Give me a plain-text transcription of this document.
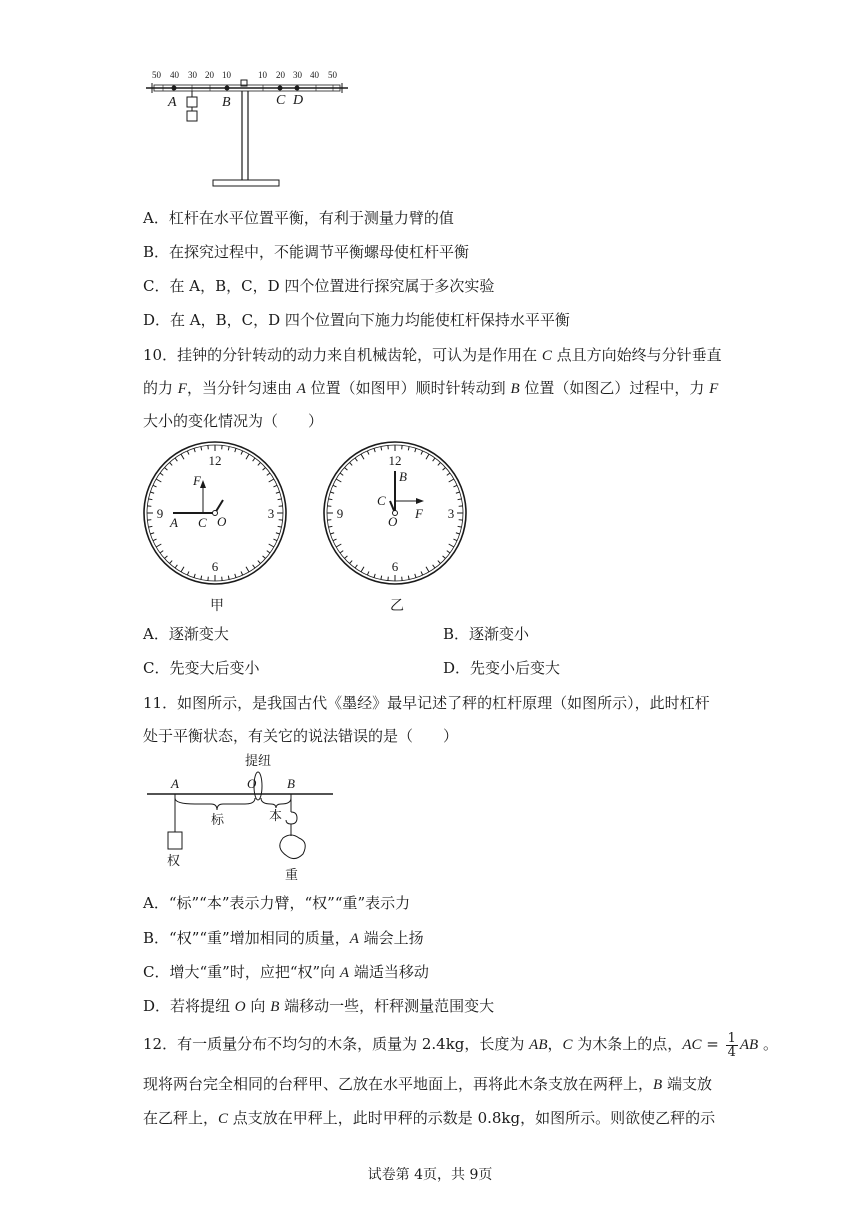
50 40 30 20 10	10 20 30 40 50
A	B	C D
A．杠杆在水平位置平衡，有利于测量力臂的值
B．在探究过程中，不能调节平衡螺母使杠杆平衡
C．在 A，B，C，D 四个位置进行探究属于多次实验
D．在 A，B，C，D 四个位置向下施力均能使杠杆保持水平平衡
10．挂钟的分针转动的动力来自机械齿轮，可认为是作用在 C 点且方向始终与分针垂直
的力 F，当分针匀速由 A 位置（如图甲）顺时针转动到 B 位置（如图乙）过程中，力 F
大小的变化情况为（　　）
12
3
6
9
F
A C O
甲
12
3
6
9
B
C
O
F
乙
A．逐渐变大	B．逐渐变小
C．先变大后变小	D．先变小后变大
11．如图所示，是我国古代《墨经》最早记述了秤的杠杆原理（如图所示），此时杠杆
处于平衡状态，有关它的说法错误的是（　　）
提纽
A	O B
标	本
权
重
A．“标”“本”表示力臂，“权”“重”表示力
B．“权”“重”增加相同的质量，A 端会上扬
C．增大“重”时，应把“权”向 A 端适当移动
D．若将提纽 O 向 B 端移动一些，杆秤测量范围变大
12．有一质量分布不均匀的木条，质量为 2.4kg，长度为 AB，C 为木条上的点，AC = $\frac{1}{4}$ AB 。
现将两台完全相同的台秤甲、乙放在水平地面上，再将此木条支放在两秤上，B 端支放
在乙秤上，C 点支放在甲秤上，此时甲秤的示数是 0.8kg，如图所示。则欲使乙秤的示
试卷第 4页，共 9页
